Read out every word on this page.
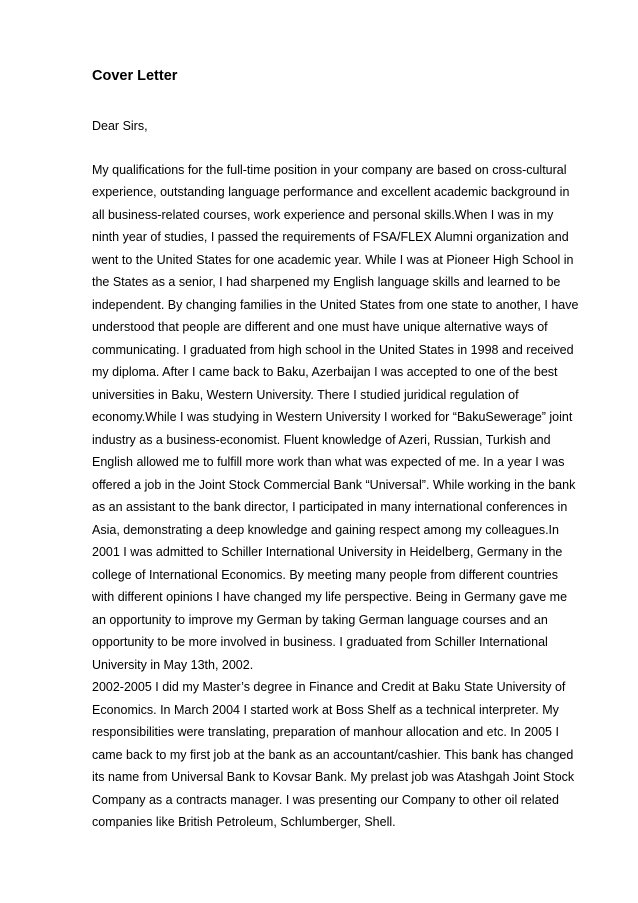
Cover Letter

Dear Sirs,

My qualifications for the full-time position in your company are based on cross-cultural
experience, outstanding language performance and excellent academic background in
all business-related courses, work experience and personal skills.When I was in my
ninth year of studies, I passed the requirements of FSA/FLEX Alumni organization and
went to the United States for one academic year. While I was at Pioneer High School in
the States as a senior, I had sharpened my English language skills and learned to be
independent. By changing families in the United States from one state to another, I have
understood that people are different and one must have unique alternative ways of
communicating. I graduated from high school in the United States in 1998 and received
my diploma. After I came back to Baku, Azerbaijan I was accepted to one of the best
universities in Baku, Western University. There I studied juridical regulation of
economy.While I was studying in Western University I worked for “BakuSewerage” joint
industry as a business-economist. Fluent knowledge of Azeri, Russian, Turkish and
English allowed me to fulfill more work than what was expected of me. In a year I was
offered a job in the Joint Stock Commercial Bank “Universal”. While working in the bank
as an assistant to the bank director, I participated in many international conferences in
Asia, demonstrating a deep knowledge and gaining respect among my colleagues.In
2001 I was admitted to Schiller International University in Heidelberg, Germany in the
college of International Economics. By meeting many people from different countries
with different opinions I have changed my life perspective. Being in Germany gave me
an opportunity to improve my German by taking German language courses and an
opportunity to be more involved in business. I graduated from Schiller International
University in May 13th, 2002.
2002-2005 I did my Master’s degree in Finance and Credit at Baku State University of
Economics. In March 2004 I started work at Boss Shelf as a technical interpreter. My
responsibilities were translating, preparation of manhour allocation and etc. In 2005 I
came back to my first job at the bank as an accountant/cashier. This bank has changed
its name from Universal Bank to Kovsar Bank. My prelast job was Atashgah Joint Stock
Company as a contracts manager. I was presenting our Company to other oil related
companies like British Petroleum, Schlumberger, Shell.
